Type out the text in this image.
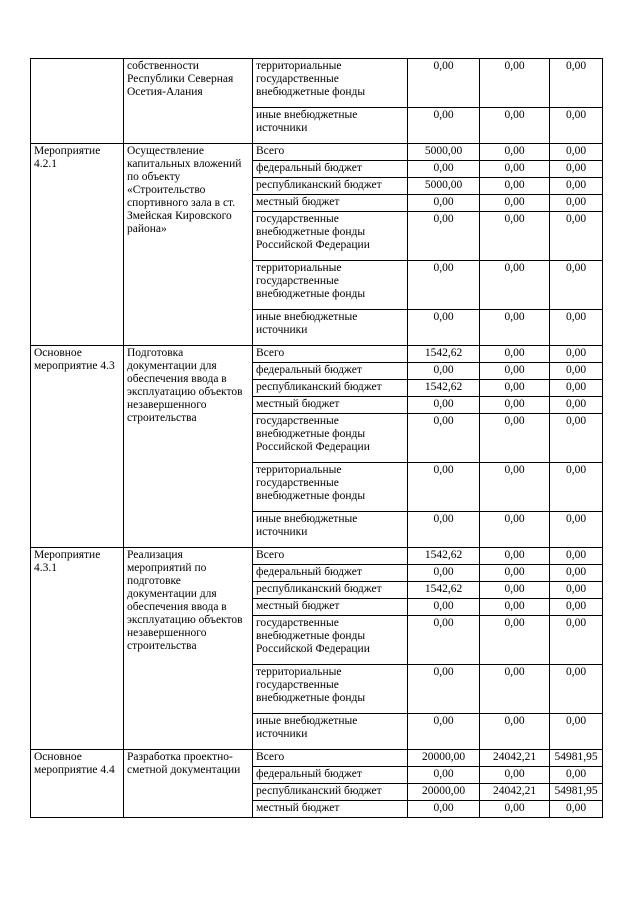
	собственности Республики Северная Осетия-Алания	территориальные государственные внебюджетные фонды	0,00	0,00	0,00
		иные внебюджетные источники	0,00	0,00	0,00
Мероприятие 4.2.1	Осуществление капитальных вложений по объекту «Строительство спортивного зала в ст. Змейская Кировского района»	Всего	5000,00	0,00	0,00
		федеральный бюджет	0,00	0,00	0,00
		республиканский бюджет	5000,00	0,00	0,00
		местный бюджет	0,00	0,00	0,00
		государственные внебюджетные фонды Российской Федерации	0,00	0,00	0,00
		территориальные государственные внебюджетные фонды	0,00	0,00	0,00
		иные внебюджетные источники	0,00	0,00	0,00
Основное мероприятие 4.3	Подготовка документации для обеспечения ввода в эксплуатацию объектов незавершенного строительства	Всего	1542,62	0,00	0,00
		федеральный бюджет	0,00	0,00	0,00
		республиканский бюджет	1542,62	0,00	0,00
		местный бюджет	0,00	0,00	0,00
		государственные внебюджетные фонды Российской Федерации	0,00	0,00	0,00
		территориальные государственные внебюджетные фонды	0,00	0,00	0,00
		иные внебюджетные источники	0,00	0,00	0,00
Мероприятие 4.3.1	Реализация мероприятий по подготовке документации для обеспечения ввода в эксплуатацию объектов незавершенного строительства	Всего	1542,62	0,00	0,00
		федеральный бюджет	0,00	0,00	0,00
		республиканский бюджет	1542,62	0,00	0,00
		местный бюджет	0,00	0,00	0,00
		государственные внебюджетные фонды Российской Федерации	0,00	0,00	0,00
		территориальные государственные внебюджетные фонды	0,00	0,00	0,00
		иные внебюджетные источники	0,00	0,00	0,00
Основное мероприятие 4.4	Разработка проектно-сметной документации	Всего	20000,00	24042,21	54981,95
		федеральный бюджет	0,00	0,00	0,00
		республиканский бюджет	20000,00	24042,21	54981,95
		местный бюджет	0,00	0,00	0,00
